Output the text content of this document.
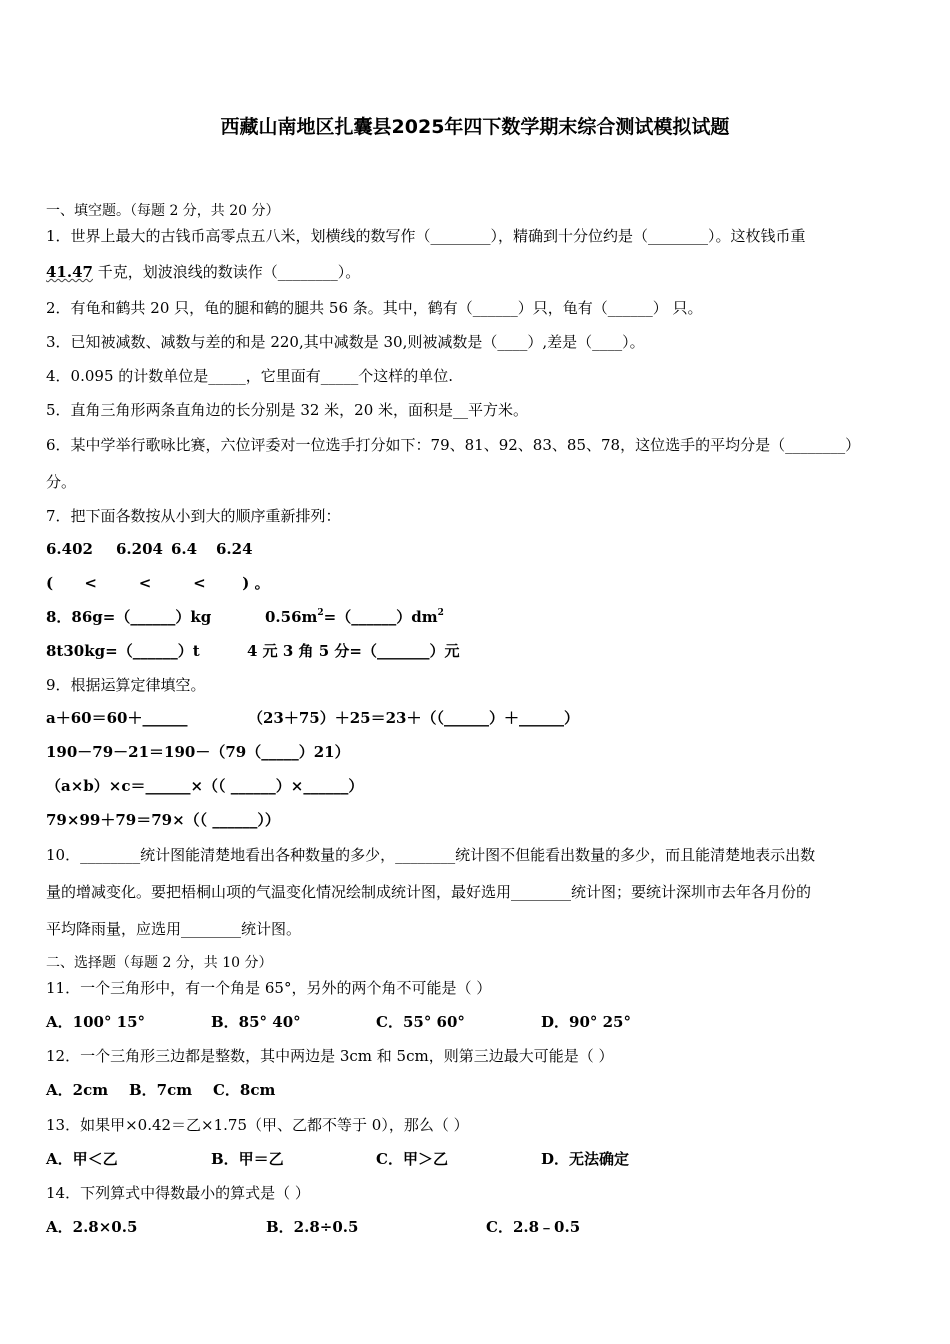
西藏山南地区扎囊县2025年四下数学期末综合测试模拟试题
一、填空题。（每题 2 分，共 20 分）
1．世界上最大的古钱币高零点五八米，划横线的数写作（________），精确到十分位约是（________）。这枚钱币重
41.47 千克，划波浪线的数读作（________）。
2．有龟和鹤共 20 只，龟的腿和鹤的腿共 56 条。其中，鹤有（______）只，龟有（______） 只。
3．已知被减数、减数与差的和是 220,其中减数是 30,则被减数是（____）,差是（____）。
4．0.095 的计数单位是_____，它里面有_____个这样的单位.
5．直角三角形两条直角边的长分别是 32 米，20 米，面积是__平方米。
6．某中学举行歌咏比赛，六位评委对一位选手打分如下：79、81、92、83、85、78，这位选手的平均分是（________）
分。
7．把下面各数按从小到大的顺序重新排列：
6.402 6.204 6.4 6.24
(      <        <        <       ) 。
8．86g=（______）kg	$0.56m^2=(\_\_\_\_\_\_)dm^2$
8t30kg=（______）t	4 元 3 角 5 分=（_______）元
9．根据运算定律填空。
a＋60＝60＋______	（23＋75）＋25＝23＋（（______）＋______）
190－79－21＝190－（79（_____）21）
（a×b）×c＝______×（（ ______）×______）
79×99＋79＝79×（（ ______））
10．________统计图能清楚地看出各种数量的多少，________统计图不但能看出数量的多少，而且能清楚地表示出数
量的增减变化。要把梧桐山项的气温变化情况绘制成统计图，最好选用________统计图；要统计深圳市去年各月份的
平均降雨量，应选用________统计图。
二、选择题（每题 2 分，共 10 分）
11．一个三角形中，有一个角是 65°，另外的两个角不可能是（ ）
A．100° 15°	B．85° 40°	C．55° 60°	D．90° 25°
12．一个三角形三边都是整数，其中两边是 3cm 和 5cm，则第三边最大可能是（ ）
A．2cm    B．7cm    C．8cm
13．如果甲×0.42＝乙×1.75（甲、乙都不等于 0），那么（ ）
A．甲＜乙	B．甲＝乙	C．甲＞乙	D．无法确定
14．下列算式中得数最小的算式是（ ）
A．2.8×0.5	B．2.8÷0.5	C．2.8﹣0.5
